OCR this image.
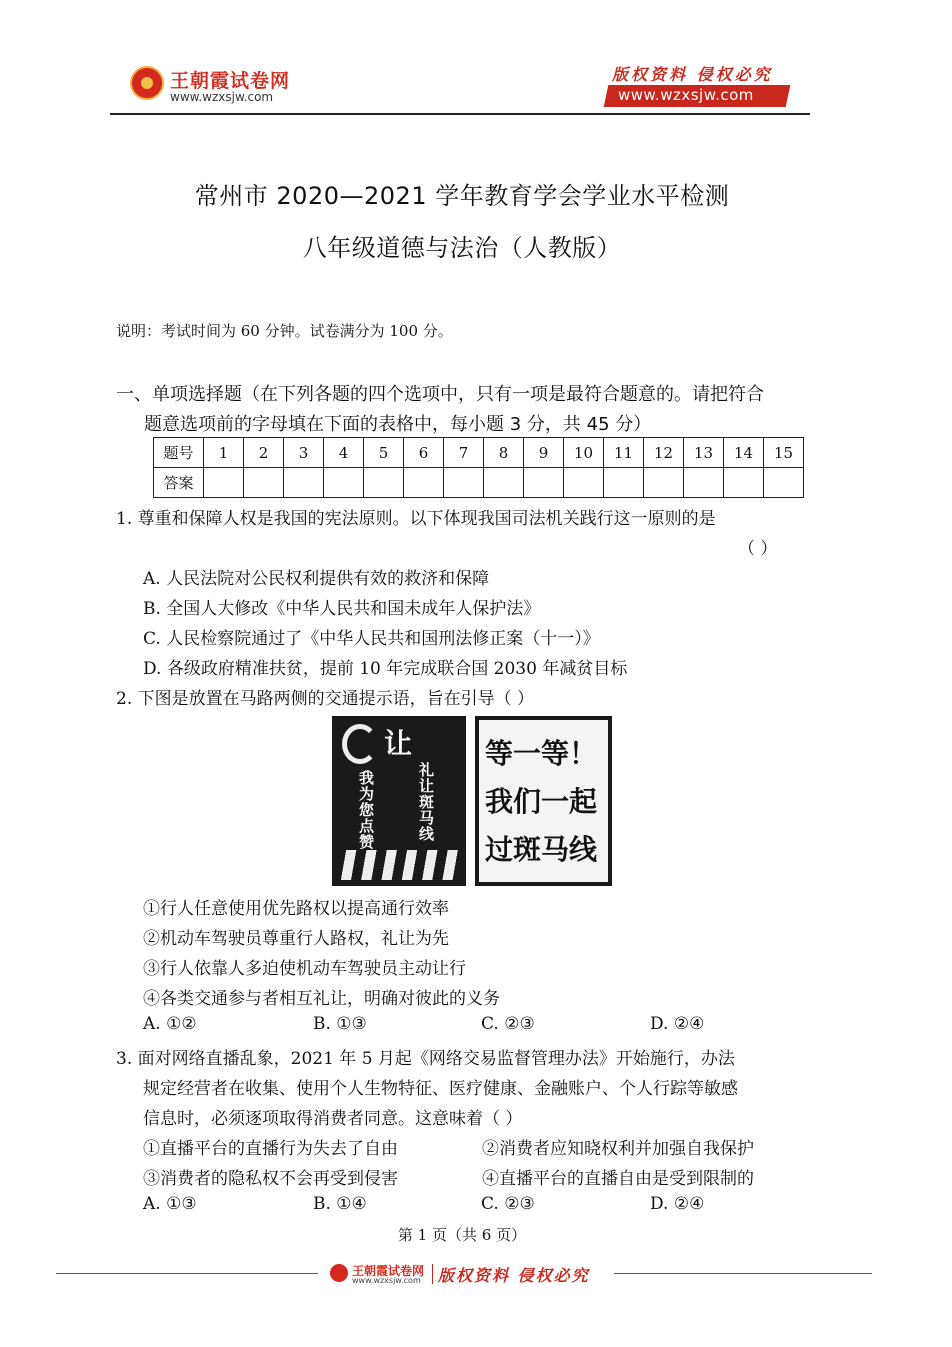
王朝霞试卷网
www.wzxsjw.com
版权资料 侵权必究
www.wzxsjw.com
常州市 2020—2021 学年教育学会学业水平检测
八年级道德与法治（人教版）
说明：考试时间为 60 分钟。试卷满分为 100 分。
一、单项选择题（在下列各题的四个选项中，只有一项是最符合题意的。请把符合
题意选项前的字母填在下面的表格中，每小题 3 分，共 45 分）
题号	1	2	3	4	5	6	7	8	9	10	11	12	13	14	15
答案															
1. 尊重和保障人权是我国的宪法原则。以下体现我国司法机关践行这一原则的是
（ ）
A. 人民法院对公民权利提供有效的救济和保障
B. 全国人大修改《中华人民共和国未成年人保护法》
C. 人民检察院通过了《中华人民共和国刑法修正案（十一）》
D. 各级政府精准扶贫，提前 10 年完成联合国 2030 年减贫目标
2. 下图是放置在马路两侧的交通提示语，旨在引导（ ）
让
礼让斑马线
我为您点赞
等一等！
我们一起
过斑马线
①行人任意使用优先路权以提高通行效率
②机动车驾驶员尊重行人路权，礼让为先
③行人依靠人多迫使机动车驾驶员主动让行
④各类交通参与者相互礼让，明确对彼此的义务
A. ①②	B. ①③	C. ②③	D. ②④
3. 面对网络直播乱象，2021 年 5 月起《网络交易监督管理办法》开始施行，办法
规定经营者在收集、使用个人生物特征、医疗健康、金融账户、个人行踪等敏感
信息时，必须逐项取得消费者同意。这意味着（ ）
①直播平台的直播行为失去了自由	②消费者应知晓权利并加强自我保护
③消费者的隐私权不会再受到侵害	④直播平台的直播自由是受到限制的
A. ①③	B. ①④	C. ②③	D. ②④
第 1 页（共 6 页）
王朝霞试卷网
www.wzxsjw.com 版权资料 侵权必究
